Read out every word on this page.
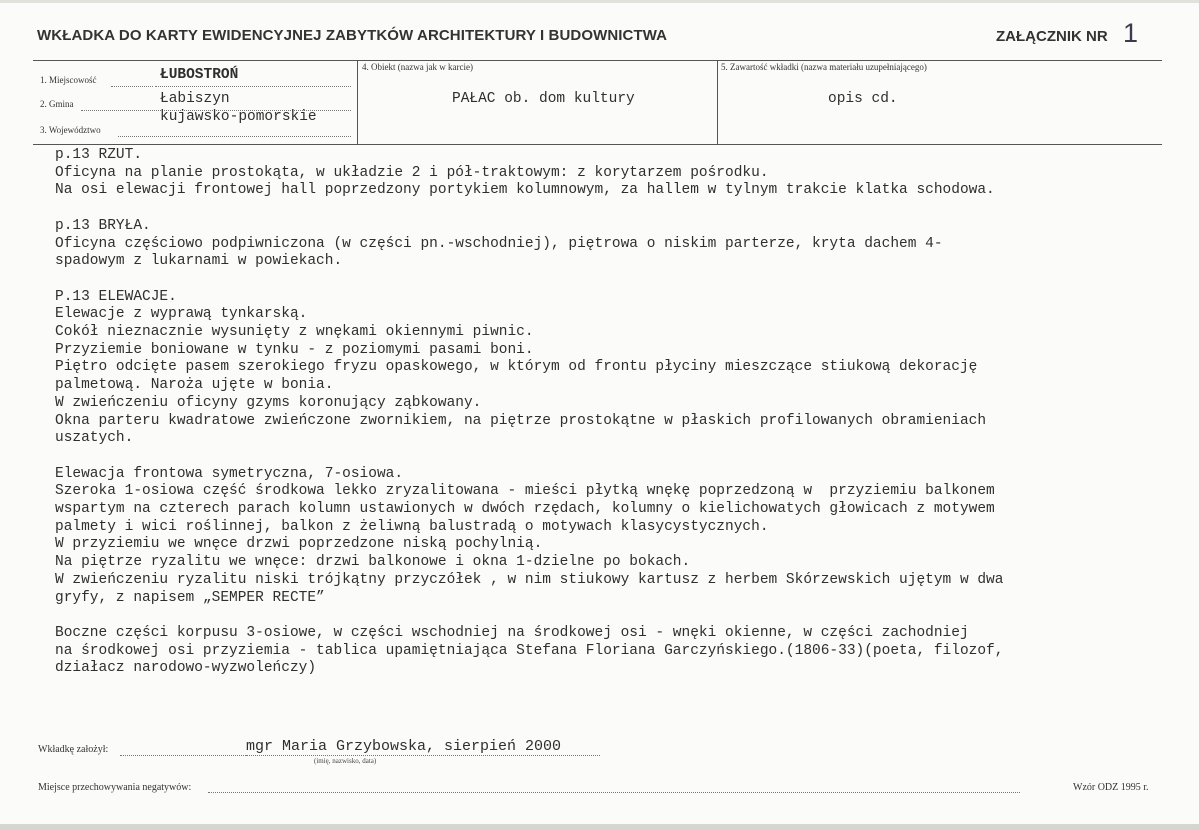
WKŁADKA DO KARTY EWIDENCYJNEJ ZABYTKÓW ARCHITEKTURY I BUDOWNICTWA	ZAŁĄCZNIK NR 1
1. Miejscowość	ŁUBOSTROŃ
2. Gmina	Łabiszyn
3. Województwo
kujawsko-pomorskie
4. Obiekt (nazwa jak w karcie)
PAŁAC ob. dom kultury
5. Zawartość wkładki (nazwa materiału uzupełniającego)
opis cd.
p.13 RZUT.
Oficyna na planie prostokąta, w układzie 2 i pół-traktowym: z korytarzem pośrodku.
Na osi elewacji frontowej hall poprzedzony portykiem kolumnowym, za hallem w tylnym trakcie klatka schodowa.

p.13 BRYŁA.
Oficyna częściowo podpiwniczona (w części pn.-wschodniej), piętrowa o niskim parterze, kryta dachem 4-
spadowym z lukarnami w powiekach.

P.13 ELEWACJE.
Elewacje z wyprawą tynkarską.
Cokół nieznacznie wysunięty z wnękami okiennymi piwnic.
Przyziemie boniowane w tynku - z poziomymi pasami boni.
Piętro odcięte pasem szerokiego fryzu opaskowego, w którym od frontu płyciny mieszczące stiukową dekorację
palmetową. Naroża ujęte w bonia.
W zwieńczeniu oficyny gzyms koronujący ząbkowany.
Okna parteru kwadratowe zwieńczone zwornikiem, na piętrze prostokątne w płaskich profilowanych obramieniach
uszatych.

Elewacja frontowa symetryczna, 7-osiowa.
Szeroka 1-osiowa część środkowa lekko zryzalitowana - mieści płytką wnękę poprzedzoną w  przyziemiu balkonem
wspartym na czterech parach kolumn ustawionych w dwóch rzędach, kolumny o kielichowatych głowicach z motywem
palmety i wici roślinnej, balkon z żeliwną balustradą o motywach klasycystycznych.
W przyziemiu we wnęce drzwi poprzedzone niską pochylnią.
Na piętrze ryzalitu we wnęce: drzwi balkonowe i okna 1-dzielne po bokach.
W zwieńczeniu ryzalitu niski trójkątny przyczółek , w nim stiukowy kartusz z herbem Skórzewskich ujętym w dwa
gryfy, z napisem „SEMPER RECTE”

Boczne części korpusu 3-osiowe, w części wschodniej na środkowej osi - wnęki okienne, w części zachodniej
na środkowej osi przyziemia - tablica upamiętniająca Stefana Floriana Garczyńskiego.(1806-33)(poeta, filozof,
działacz narodowo-wyzwoleńczy)
Wkładkę założył:	mgr Maria Grzybowska, sierpień 2000
(imię, nazwisko, data)
Miejsce przechowywania negatywów:	Wzór ODZ 1995 r.
